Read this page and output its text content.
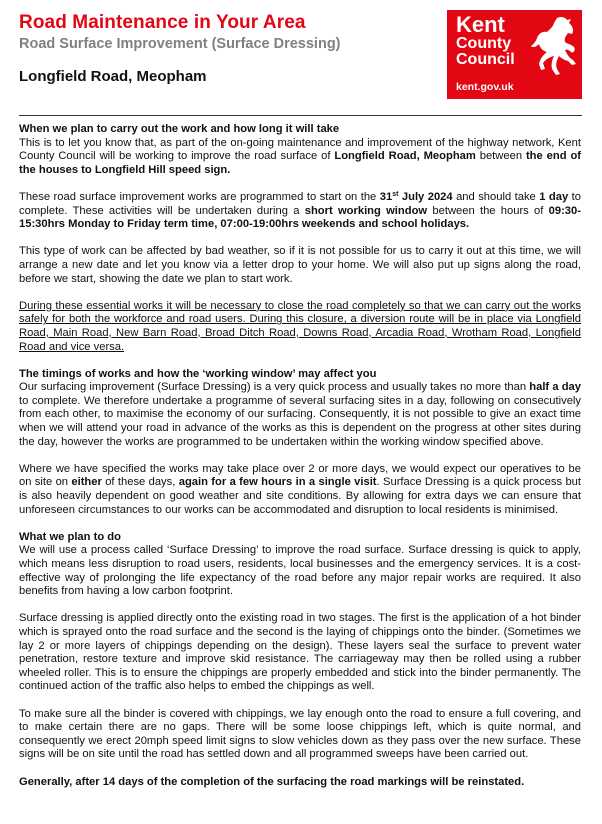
Road Maintenance in Your Area
Road Surface Improvement (Surface Dressing)
Longfield Road, Meopham
Kent
County
Council
kent.gov.uk

When we plan to carry out the work and how long it will take

This is to let you know that, as part of the on-going maintenance and improvement of the highway network, Kent County Council will be working to improve the road surface of Longfield Road, Meopham between the end of the houses to Longfield Hill speed sign.

These road surface improvement works are programmed to start on the 31st July 2024 and should take 1 day to complete. These activities will be undertaken during a short working window between the hours of 09:30-15:30hrs Monday to Friday term time, 07:00-19:00hrs weekends and school holidays.

This type of work can be affected by bad weather, so if it is not possible for us to carry it out at this time, we will arrange a new date and let you know via a letter drop to your home. We will also put up signs along the road, before we start, showing the date we plan to start work.

During these essential works it will be necessary to close the road completely so that we can carry out the works safely for both the workforce and road users. During this closure, a diversion route will be in place via Longfield Road, Main Road, New Barn Road, Broad Ditch Road, Downs Road, Arcadia Road, Wrotham Road, Longfield Road and vice versa.

The timings of works and how the ‘working window’ may affect you

Our surfacing improvement (Surface Dressing) is a very quick process and usually takes no more than half a day to complete. We therefore undertake a programme of several surfacing sites in a day, following on consecutively from each other, to maximise the economy of our surfacing. Consequently, it is not possible to give an exact time when we will attend your road in advance of the works as this is dependent on the progress at other sites during the day, however the works are programmed to be undertaken within the working window specified above.

Where we have specified the works may take place over 2 or more days, we would expect our operatives to be on site on either of these days, again for a few hours in a single visit. Surface Dressing is a quick process but is also heavily dependent on good weather and site conditions. By allowing for extra days we can ensure that unforeseen circumstances to our works can be accommodated and disruption to local residents is minimised.

What we plan to do

We will use a process called ‘Surface Dressing’ to improve the road surface. Surface dressing is quick to apply, which means less disruption to road users, residents, local businesses and the emergency services. It is a cost-effective way of prolonging the life expectancy of the road before any major repair works are required. It also benefits from having a low carbon footprint.

Surface dressing is applied directly onto the existing road in two stages. The first is the application of a hot binder which is sprayed onto the road surface and the second is the laying of chippings onto the binder. (Sometimes we lay 2 or more layers of chippings depending on the design). These layers seal the surface to prevent water penetration, restore texture and improve skid resistance. The carriageway may then be rolled using a rubber wheeled roller. This is to ensure the chippings are properly embedded and stick into the binder permanently. The continued action of the traffic also helps to embed the chippings as well.

To make sure all the binder is covered with chippings, we lay enough onto the road to ensure a full covering, and to make certain there are no gaps. There will be some loose chippings left, which is quite normal, and consequently we erect 20mph speed limit signs to slow vehicles down as they pass over the new surface. These signs will be on site until the road has settled down and all programmed sweeps have been carried out.

Generally, after 14 days of the completion of the surfacing the road markings will be reinstated.
